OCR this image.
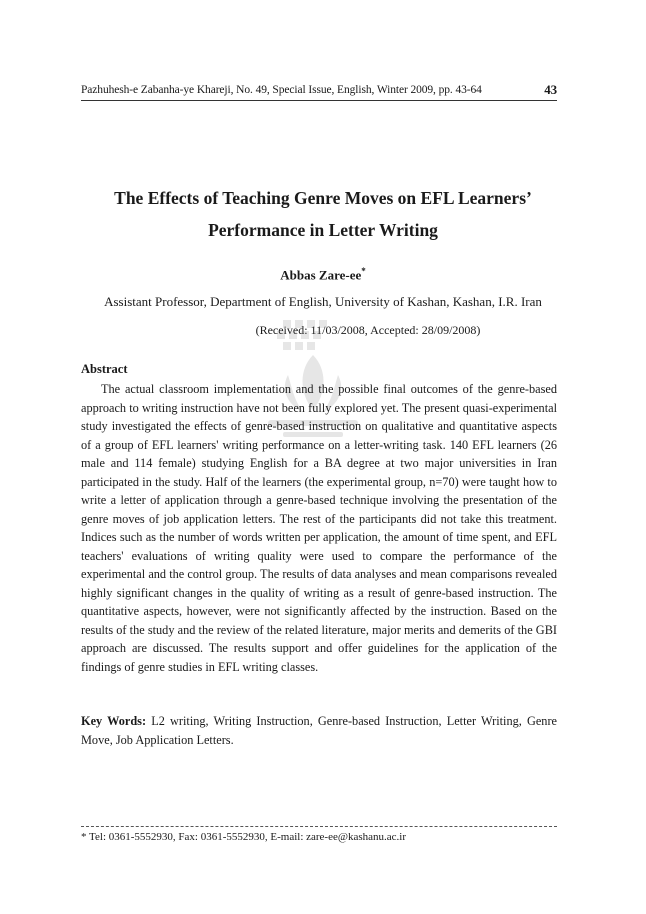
Pazhuhesh-e Zabanha-ye Khareji, No. 49, Special Issue, English, Winter 2009, pp. 43-64	43
The Effects of Teaching Genre Moves on EFL Learners’
Performance in Letter Writing
Abbas Zare-ee*
Assistant Professor, Department of English, University of Kashan, Kashan, I.R. Iran
(Received: 11/03/2008, Accepted: 28/09/2008)
Abstract

The actual classroom implementation and the possible final outcomes of the genre-based approach to writing instruction have not been fully explored yet. The present quasi-experimental study investigated the effects of genre-based instruction on qualitative and quantitative aspects of a group of EFL learners' writing performance on a letter-writing task. 140 EFL learners (26 male and 114 female) studying English for a BA degree at two major universities in Iran participated in the study. Half of the learners (the experimental group, n=70) were taught how to write a letter of application through a genre-based technique involving the presentation of the genre moves of job application letters. The rest of the participants did not take this treatment. Indices such as the number of words written per application, the amount of time spent, and EFL teachers' evaluations of writing quality were used to compare the performance of the experimental and the control group. The results of data analyses and mean comparisons revealed highly significant changes in the quality of writing as a result of genre-based instruction. The quantitative aspects, however, were not significantly affected by the instruction. Based on the results of the study and the review of the related literature, major merits and demerits of the GBI approach are discussed. The results support and offer guidelines for the application of the findings of genre studies in EFL writing classes.

Key Words: L2 writing, Writing Instruction, Genre-based Instruction, Letter Writing, Genre Move, Job Application Letters.

* Tel: 0361-5552930, Fax: 0361-5552930, E-mail: zare-ee@kashanu.ac.ir
